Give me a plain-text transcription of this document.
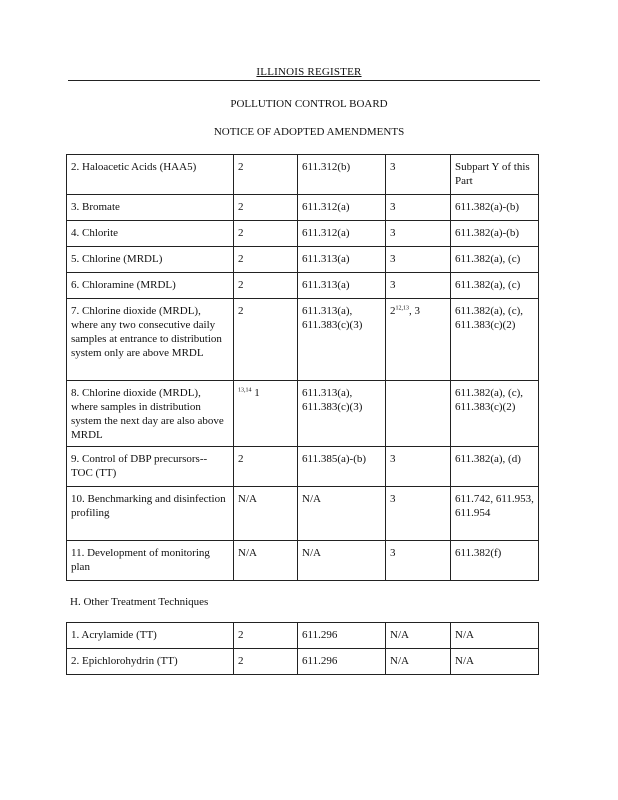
ILLINOIS REGISTER
POLLUTION CONTROL BOARD
NOTICE OF ADOPTED AMENDMENTS
2. Haloacetic Acids (HAA5)	2	611.312(b)	3	Subpart Y of this Part
3. Bromate	2	611.312(a)	3	611.382(a)-(b)
4. Chlorite	2	611.312(a)	3	611.382(a)-(b)
5. Chlorine (MRDL)	2	611.313(a)	3	611.382(a), (c)
6. Chloramine (MRDL)	2	611.313(a)	3	611.382(a), (c)
7. Chlorine dioxide (MRDL), where any two consecutive daily samples at entrance to distribution system only are above MRDL	2	611.313(a), 611.383(c)(3)	2$^{12,13}$, 3	611.382(a), (c), 611.383(c)(2)
8. Chlorine dioxide (MRDL), where samples in distribution system the next day are also above MRDL	$^{13,14}$ 1	611.313(a), 611.383(c)(3)		611.382(a), (c), 611.383(c)(2)
9. Control of DBP precursors-- TOC (TT)	2	611.385(a)-(b)	3	611.382(a), (d)
10. Benchmarking and disinfection profiling	N/A	N/A	3	611.742, 611.953, 611.954
11. Development of monitoring plan	N/A	N/A	3	611.382(f)
H. Other Treatment Techniques
1. Acrylamide (TT)	2	611.296	N/A	N/A
2. Epichlorohydrin (TT)	2	611.296	N/A	N/A
